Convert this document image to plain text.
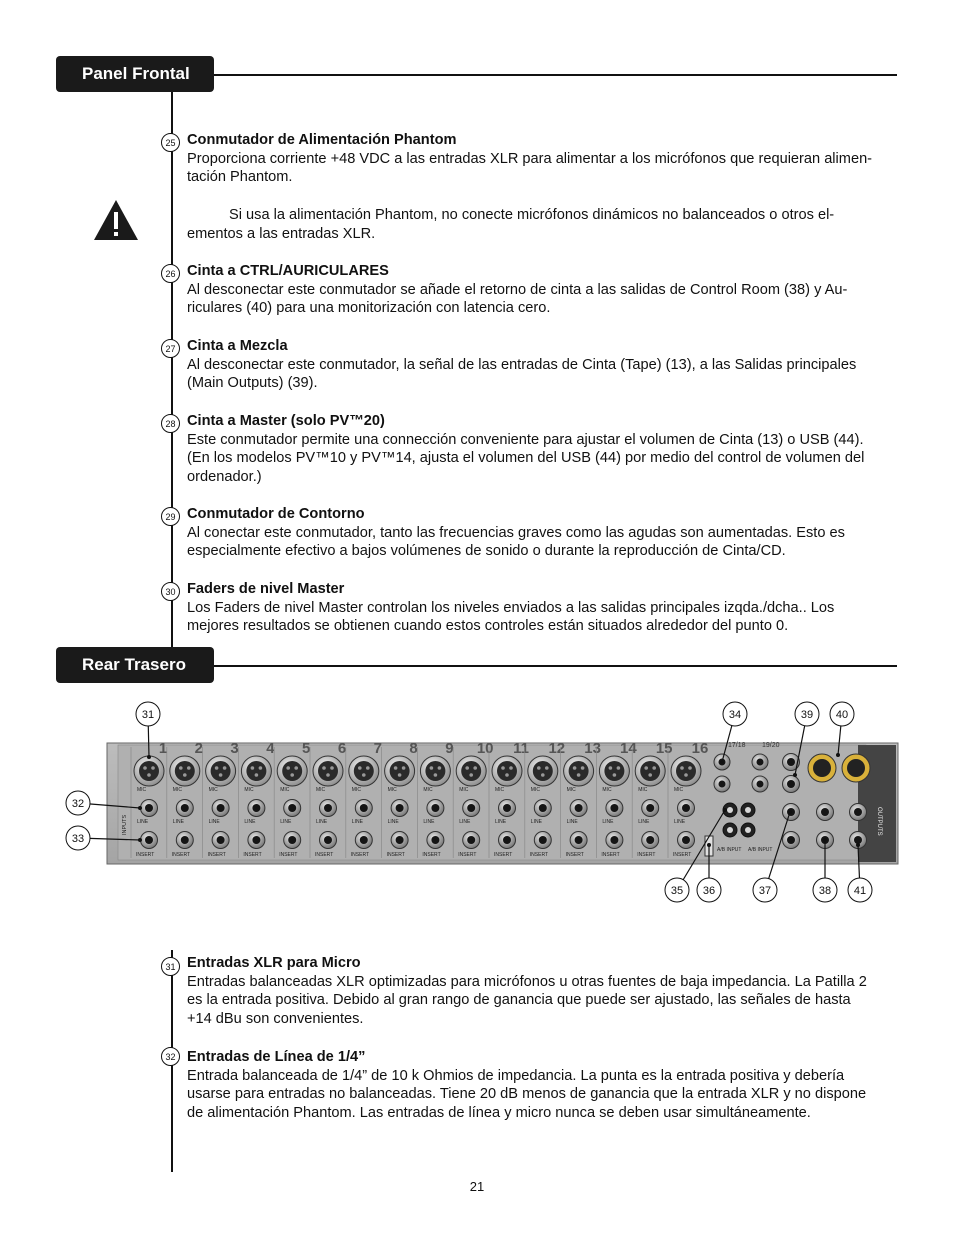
Panel Frontal
25 Conmutador de Alimentación Phantom

Proporciona corriente +48 VDC a las entradas XLR para alimentar a los micrófonos que requieran alimen-tación Phantom.

Si usa la alimentación Phantom, no conecte micrófonos dinámicos no balanceados o otros el-ementos a las entradas XLR.

26 Cinta a CTRL/AURICULARES

Al desconectar este conmutador se añade el retorno de cinta a las salidas de Control Room (38) y Au-riculares (40) para una monitorización con latencia cero.

27 Cinta a Mezcla

Al desconectar este conmutador, la señal de las entradas de Cinta (Tape) (13), a las Salidas principales (Main Outputs) (39).

28 Cinta a Master (solo PV™20)

Este conmutador permite una connección conveniente para ajustar el volumen de Cinta (13) o USB (44). (En los modelos PV™10 y PV™14, ajusta el volumen del USB (44) por medio del control de volumen del ordenador.)

29 Conmutador de Contorno

Al conectar este conmutador, tanto las frecuencias graves como las agudas son aumentadas. Esto es especialmente efectivo a bajos volúmenes de sonido o durante la reproducción de Cinta/CD.

30 Faders de nivel Master

Los Faders de nivel Master controlan los niveles enviados a las salidas principales izqda./dcha.. Los mejores resultados se obtienen cuando estos controles están situados alrededor del punto 0.

Rear Trasero
1
MIC
LINE
INSERT
2
MIC
LINE
INSERT
3
MIC
LINE
INSERT
4
MIC
LINE
INSERT
5
MIC
LINE
INSERT
6
MIC
LINE
INSERT
7
MIC
LINE
INSERT
8
MIC
LINE
INSERT
9
MIC
LINE
INSERT
10
MIC
LINE
INSERT
11
MIC
LINE
INSERT
12
MIC
LINE
INSERT
13
MIC
LINE
INSERT
14
MIC
LINE
INSERT
15
MIC
LINE
INSERT
16
MIC
LINE
INSERT
INPUTS
17/18 19/20
A/B INPUT A/B INPUT
OUTPUTS
31
32
33
34
35 36	37	38
39 40
41
31 Entradas XLR para Micro

Entradas balanceadas XLR optimizadas para micrófonos u otras fuentes de baja impedancia. La Patilla 2 es la entrada positiva. Debido al gran rango de ganancia que puede ser ajustado, las señales de hasta +14 dBu son convenientes.

32 Entradas de Línea de 1/4”

Entrada balanceada de 1/4” de 10 k Ohmios de impedancia. La punta es la entrada positiva y debería usarse para entradas no balanceadas. Tiene 20 dB menos de ganancia que la entrada XLR y no dispone de alimentación Phantom. Las entradas de línea y micro nunca se deben usar simultáneamente.

21
